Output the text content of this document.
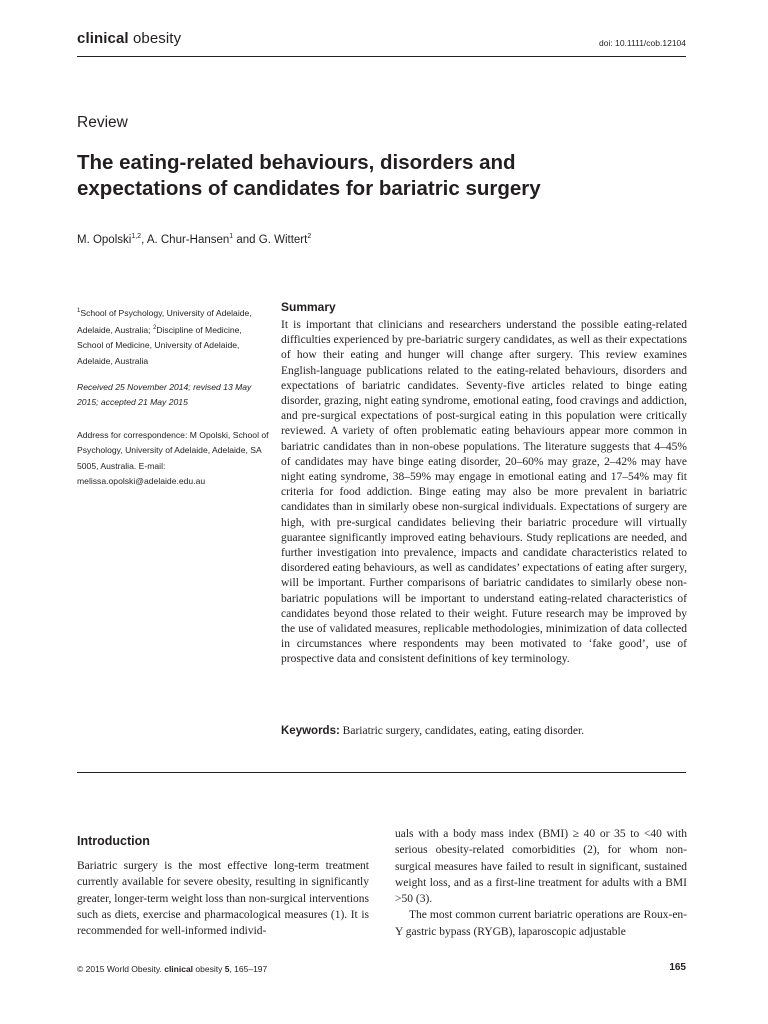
clinical obesity	doi: 10.1111/cob.12104
Review
The eating-related behaviours, disorders and expectations of candidates for bariatric surgery
M. Opolski$^{1,2}$, A. Chur-Hansen$^1$ and G. Wittert$^2$
$^1$School of Psychology, University of Adelaide, Adelaide, Australia; $^2$Discipline of Medicine, School of Medicine, University of Adelaide, Adelaide, Australia
Received 25 November 2014; revised 13 May 2015; accepted 21 May 2015
Address for correspondence: M Opolski, School of Psychology, University of Adelaide, Adelaide, SA 5005, Australia. E-mail: melissa.opolski@adelaide.edu.au
Summary

It is important that clinicians and researchers understand the possible eating-related difficulties experienced by pre-bariatric surgery candidates, as well as their expectations of how their eating and hunger will change after surgery. This review examines English-language publications related to the eating-related behaviours, disorders and expectations of bariatric candidates. Seventy-five articles related to binge eating disorder, grazing, night eating syndrome, emotional eating, food cravings and addiction, and pre-surgical expectations of post-surgical eating in this population were critically reviewed. A variety of often problematic eating behaviours appear more common in bariatric candidates than in non-obese populations. The literature suggests that 4–45% of candidates may have binge eating disorder, 20–60% may graze, 2–42% may have night eating syndrome, 38–59% may engage in emotional eating and 17–54% may fit criteria for food addiction. Binge eating may also be more prevalent in bariatric candidates than in similarly obese non-surgical individuals. Expectations of surgery are high, with pre-surgical candidates believing their bariatric procedure will virtually guarantee significantly improved eating behaviours. Study replications are needed, and further investigation into prevalence, impacts and candidate characteristics related to disordered eating behaviours, as well as candidates’ expectations of eating after surgery, will be important. Further comparisons of bariatric candidates to similarly obese non-bariatric populations will be important to understand eating-related characteristics of candidates beyond those related to their weight. Future research may be improved by the use of validated measures, replicable methodologies, minimization of data collected in circumstances where respondents may been motivated to ‘fake good’, use of prospective data and consistent definitions of key terminology.

Keywords: Bariatric surgery, candidates, eating, eating disorder.
Introduction

Bariatric surgery is the most effective long-term treatment currently available for severe obesity, resulting in significantly greater, longer-term weight loss than non-surgical interventions such as diets, exercise and pharmacological measures (1). It is recommended for well-informed individ-

uals with a body mass index (BMI) ≥ 40 or 35 to <40 with serious obesity-related comorbidities (2), for whom non-surgical measures have failed to result in significant, sustained weight loss, and as a first-line treatment for adults with a BMI >50 (3).
The most common current bariatric operations are Roux-en-Y gastric bypass (RYGB), laparoscopic adjustable
© 2015 World Obesity. clinical obesity 5, 165–197	165
